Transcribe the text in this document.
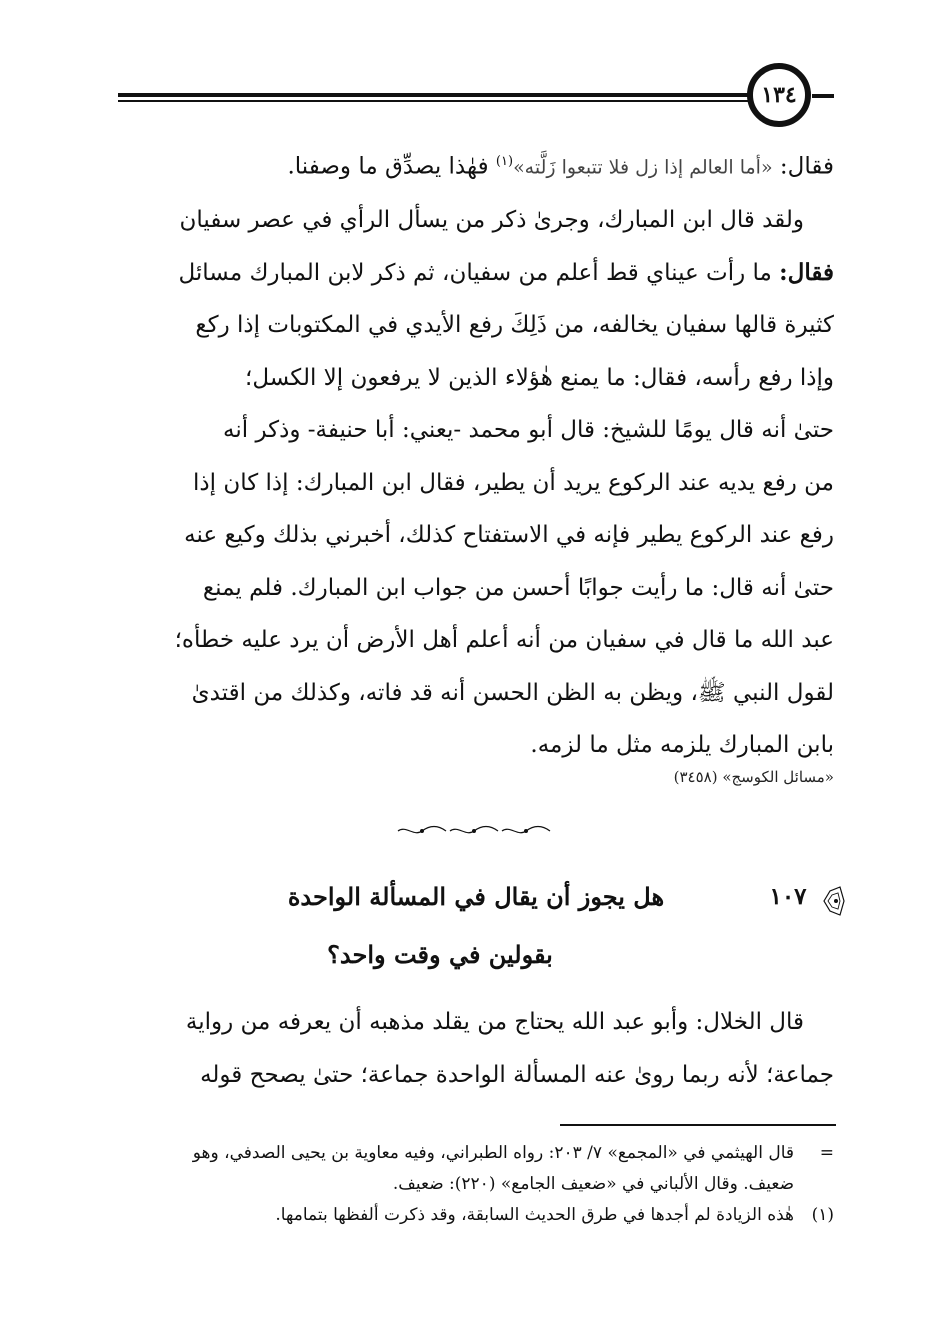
١٣٤
فقال: «أما العالم إذا زل فلا تتبعوا زَلَّته»$^{(١)}$ فهٰذا يصدِّق ما وصفنا.
ولقد قال ابن المبارك، وجرىٰ ذكر من يسأل الرأي في عصر سفيان
فقال: ما رأت عيناي قط أعلم من سفيان، ثم ذكر لابن المبارك مسائل
كثيرة قالها سفيان يخالفه، من ذَلِكَ رفع الأيدي في المكتوبات إذا ركع
وإذا رفع رأسه، فقال: ما يمنع هٰؤلاء الذين لا يرفعون إلا الكسل؛
حتىٰ أنه قال يومًا للشيخ: قال أبو محمد -يعني: أبا حنيفة- وذكر أنه
من رفع يديه عند الركوع يريد أن يطير، فقال ابن المبارك: إذا كان إذا
رفع عند الركوع يطير فإنه في الاستفتاح كذلك، أخبرني بذلك وكيع عنه
حتىٰ أنه قال: ما رأيت جوابًا أحسن من جواب ابن المبارك. فلم يمنع
عبد الله ما قال في سفيان من أنه أعلم أهل الأرض أن يرد عليه خطأه؛
لقول النبي ﷺ، ويظن به الظن الحسن أنه قد فاته، وكذلك من اقتدىٰ
بابن المبارك يلزمه مثل ما لزمه.
«مسائل الكوسج» (٣٤٥٨)
١٠٧
هل يجوز أن يقال في المسألة الواحدة
بقولين في وقت واحد؟
قال الخلال: وأبو عبد الله يحتاج من يقلد مذهبه أن يعرفه من رواية
جماعة؛ لأنه ربما روىٰ عنه المسألة الواحدة جماعة؛ حتىٰ يصحح قوله
=قال الهيثمي في «المجمع» ٧/ ٢٠٣: رواه الطبراني، وفيه معاوية بن يحيى الصدفي، وهو
ضعيف. وقال الألباني في «ضعيف الجامع» (٢٢٠): ضعيف.
(١)هٰذه الزيادة لم أجدها في طرق الحديث السابقة، وقد ذكرت ألفظها بتمامها.
